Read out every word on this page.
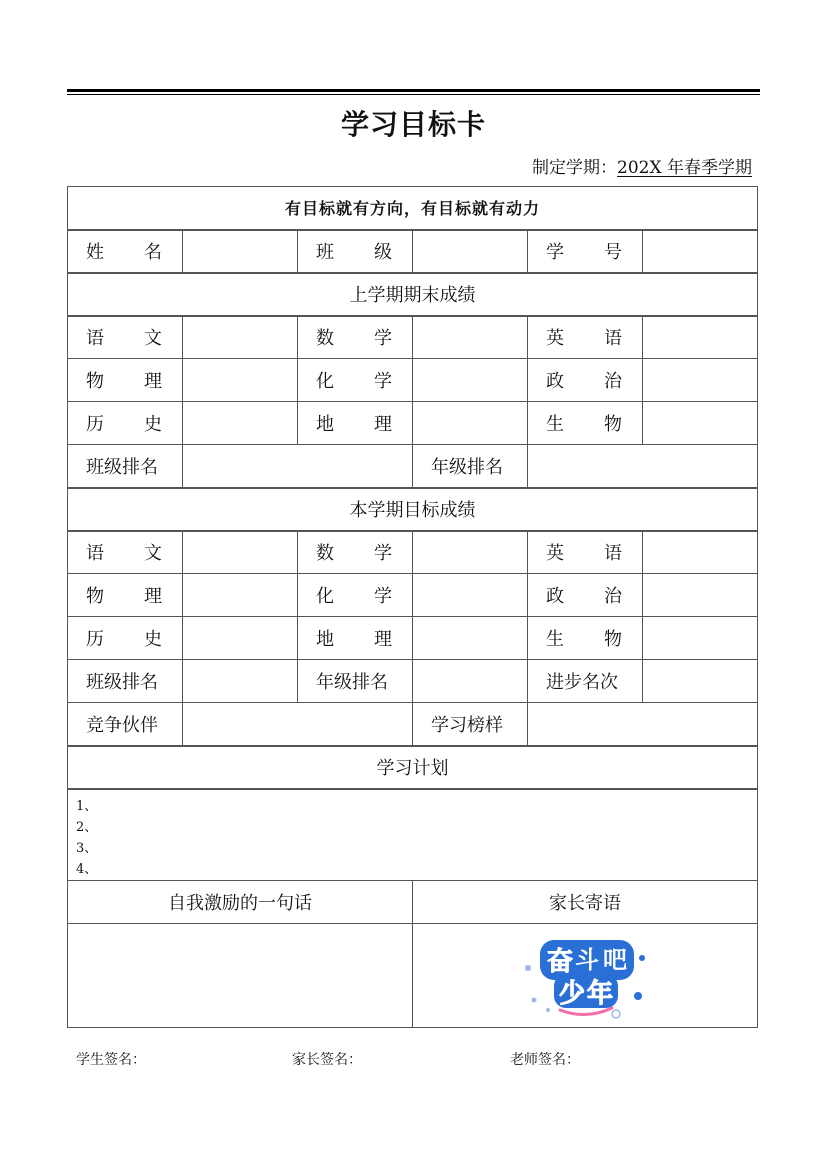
学习目标卡
制定学期：202X 年春季学期
有目标就有方向，有目标就有动力					

姓 名		班 级		学 号	

上学期期末成绩					

语 文		数 学		英 语	

物 理		化 学		政 治	

历 史		地 理		生 物	

班级排名			年级排名		
本学期目标成绩					

语 文		数 学		英 语	

物 理		化 学		政 治	

历 史		地 理		生 物	

班级排名		年级排名		进步名次	
竞争伙伴			学习榜样		
学习计划					

1、
2、
3、
4、					

自我激励的一句话			家长寄语		

奋 斗 吧
少 年		
学生签名：	家长签名：	老师签名：
